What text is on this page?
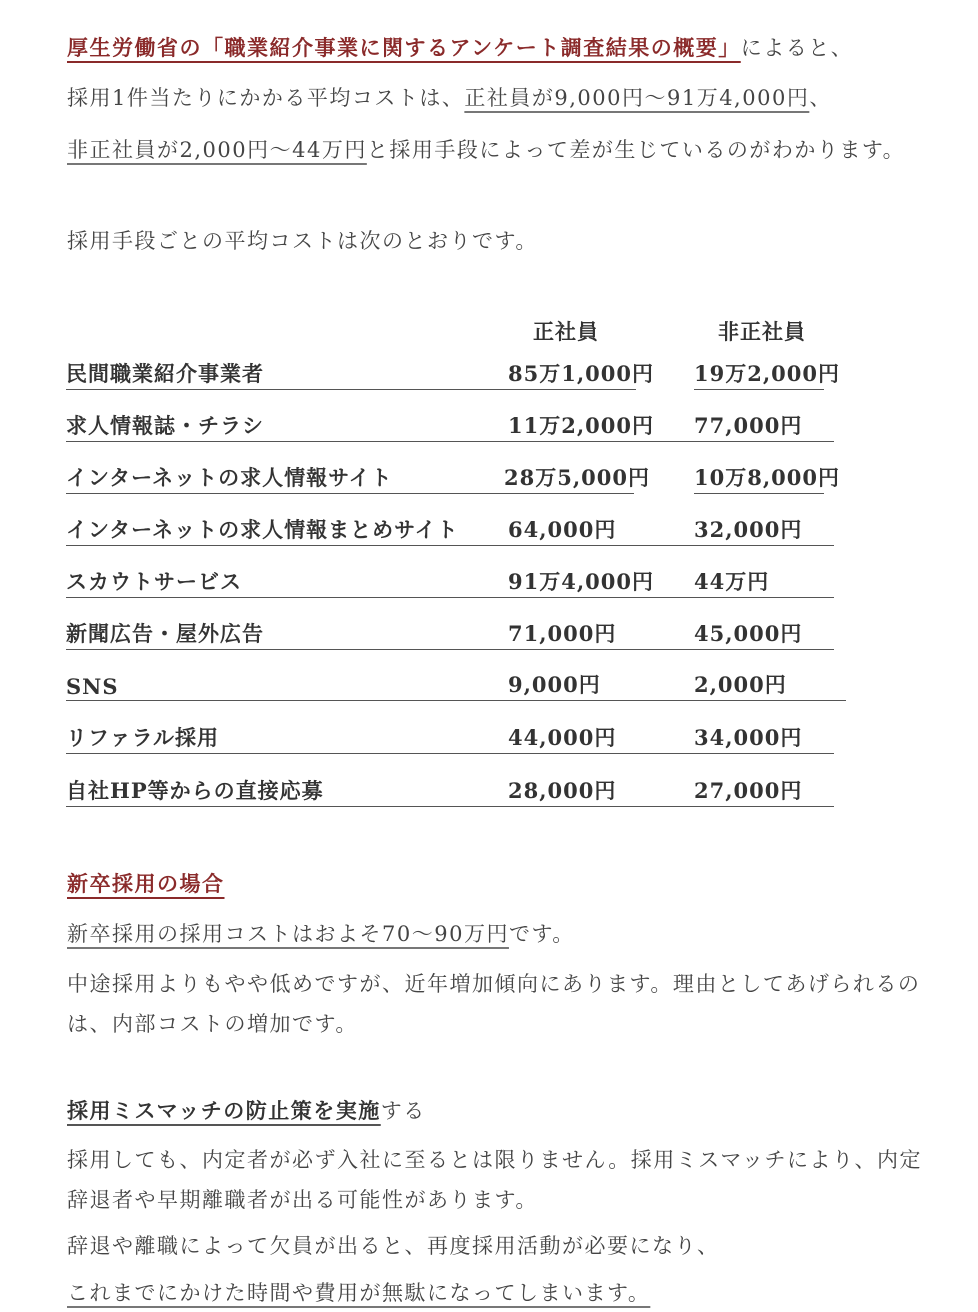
厚生労働省の「職業紹介事業に関するアンケート調査結果の概要」によると、
採用1件当たりにかかる平均コストは、正社員が9,000円〜91万4,000円、
非正社員が2,000円〜44万円と採用手段によって差が生じているのがわかります。
採用手段ごとの平均コストは次のとおりです。
正社員	非正社員
民間職業紹介事業者	85万1,000円 19万2,000円
求人情報誌・チラシ	11万2,000円 77,000円
インターネットの求人情報サイト	28万5,000円 10万8,000円
インターネットの求人情報まとめサイト 64,000円	32,000円
スカウトサービス	91万4,000円 44万円
新聞広告・屋外広告	71,000円	45,000円
SNS	9,000円	2,000円
リファラル採用	44,000円	34,000円
自社HP等からの直接応募	28,000円	27,000円
新卒採用の場合
新卒採用の採用コストはおよそ70〜90万円です。
中途採用よりもやや低めですが、近年増加傾向にあります。理由としてあげられるのは、内部コストの増加です。
採用ミスマッチの防止策を実施する
採用しても、内定者が必ず入社に至るとは限りません。採用ミスマッチにより、内定辞退者や早期離職者が出る可能性があります。
辞退や離職によって欠員が出ると、再度採用活動が必要になり、
これまでにかけた時間や費用が無駄になってしまいます。
